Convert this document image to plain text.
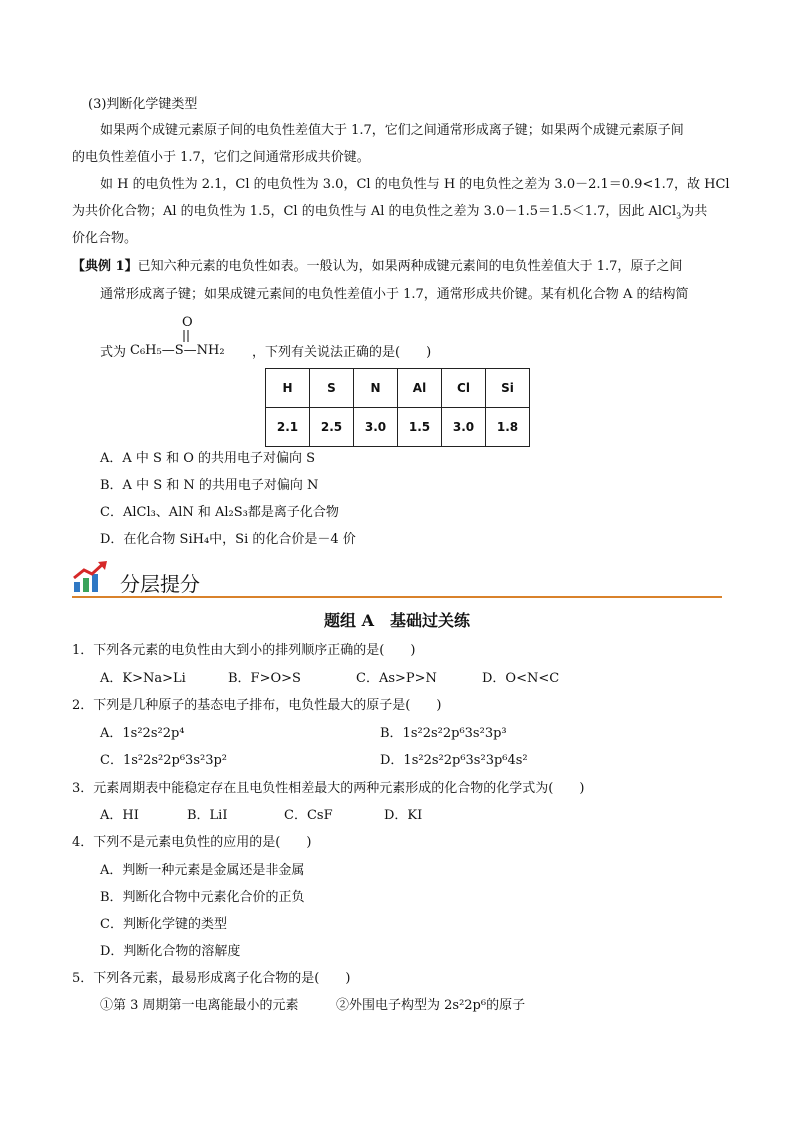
(3)判断化学键类型
如果两个成键元素原子间的电负性差值大于 1.7，它们之间通常形成离子键；如果两个成键元素原子间
的电负性差值小于 1.7，它们之间通常形成共价键。
如 H 的电负性为 2.1，Cl 的电负性为 3.0，Cl 的电负性与 H 的电负性之差为 3.0－2.1＝0.9<1.7，故 HCl
为共价化合物；Al 的电负性为 1.5，Cl 的电负性与 Al 的电负性之差为 3.0－1.5＝1.5＜1.7，因此 AlCl$_3$为共
价化合物。
【典例 1】已知六种元素的电负性如表。一般认为，如果两种成键元素间的电负性差值大于 1.7，原子之间
通常形成离子键；如果成键元素间的电负性差值小于 1.7，通常形成共价键。某有机化合物 A 的结构简
式为 C₆H₅—S—NH₂
O
，下列有关说法正确的是(　　)
H	S	N	Al	Cl	Si
2.1	2.5	3.0	1.5	3.0	1.8
A．A 中 S 和 O 的共用电子对偏向 S
B．A 中 S 和 N 的共用电子对偏向 N
C．AlCl₃、AlN 和 Al₂S₃都是离子化合物
D．在化合物 SiH₄中，Si 的化合价是－4 价
分层提分
题组 A　基础过关练
1．下列各元素的电负性由大到小的排列顺序正确的是(　　)
A．K>Na>Li	B．F>O>S	C．As>P>N	D．O<N<C
2．下列是几种原子的基态电子排布，电负性最大的原子是(　　)
A．1s²2s²2p⁴	B．1s²2s²2p⁶3s²3p³
C．1s²2s²2p⁶3s²3p²	D．1s²2s²2p⁶3s²3p⁶4s²
3．元素周期表中能稳定存在且电负性相差最大的两种元素形成的化合物的化学式为(　　)
A．HI	B．LiI	C．CsF	D．KI
4．下列不是元素电负性的应用的是(　　)
A．判断一种元素是金属还是非金属
B．判断化合物中元素化合价的正负
C．判断化学键的类型
D．判断化合物的溶解度
5．下列各元素，最易形成离子化合物的是(　　)
①第 3 周期第一电离能最小的元素	②外围电子构型为 2s²2p⁶的原子
